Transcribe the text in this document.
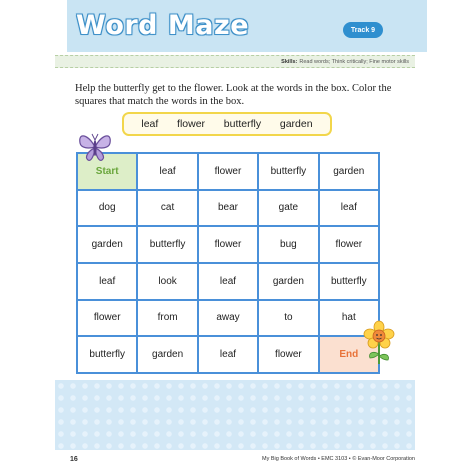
Word Maze	Track 9
Skills: Read words; Think critically; Fine motor skills
Help the butterfly get to the flower. Look at the words in the box. Color the squares that match the words in the box.
leaf flower butterfly garden
Start	leaf	flower	butterfly	garden
dog	cat	bear	gate	leaf
garden	butterfly	flower	bug	flower
leaf	look	leaf	garden	butterfly
flower	from	away	to	hat
butterfly	garden	leaf	flower	End
16	My Big Book of Words • EMC 3103 • © Evan-Moor Corporation
